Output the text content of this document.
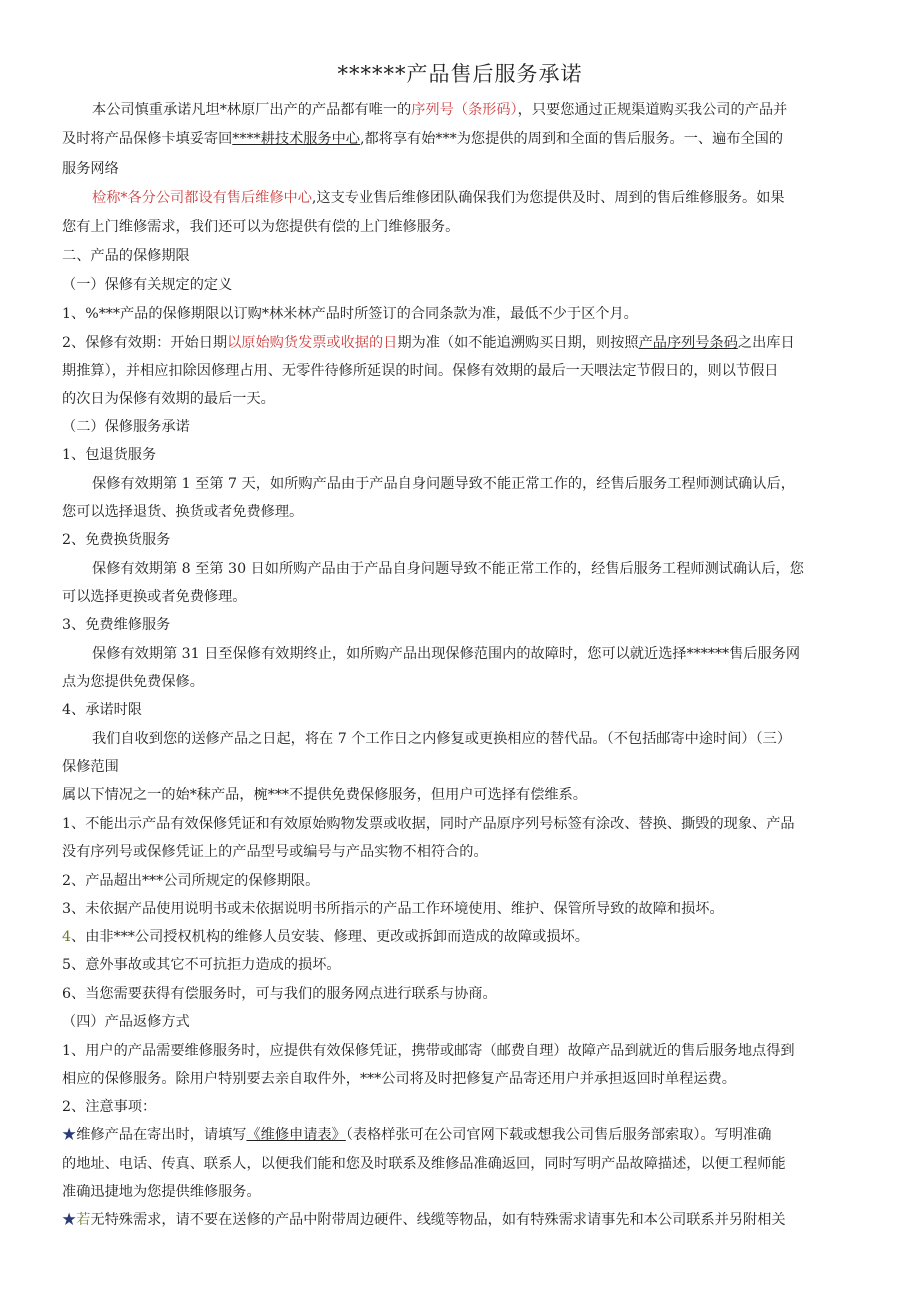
******产品售后服务承诺
本公司慎重承诺凡坦*林原厂出产的产品都有唯一的序列号（条形码），只要您通过正规渠道购买我公司的产品并
及时将产品保修卡填妥寄回****耕技术服务中心,都将享有始***为您提供的周到和全面的售后服务。一、遍布全国的
服务网络
检称*各分公司都设有售后维修中心,这支专业售后维修团队确保我们为您提供及时、周到的售后维修服务。如果
您有上门维修需求，我们还可以为您提供有偿的上门维修服务。
二、产品的保修期限
（一）保修有关规定的定义
1、%***产品的保修期限以订购*林米林产品时所签订的合同条款为准，最低不少于区个月。
2、保修有效期：开始日期以原始购货发票或收据的日期为准（如不能追溯购买日期，则按照产品序列号条码之出库日
期推算），并相应扣除因修理占用、无零件待修所延误的时间。保修有效期的最后一天喂法定节假日的，则以节假日
的次日为保修有效期的最后一天。
（二）保修服务承诺
1、包退货服务
保修有效期第 1 至第 7 天，如所购产品由于产品自身问题导致不能正常工作的，经售后服务工程师测试确认后，
您可以选择退货、换货或者免费修理。
2、免费换货服务
保修有效期第 8 至第 30 日如所购产品由于产品自身问题导致不能正常工作的，经售后服务工程师测试确认后，您
可以选择更换或者免费修理。
3、免费维修服务
保修有效期第 31 日至保修有效期终止，如所购产品出现保修范围内的故障时，您可以就近选择******售后服务网
点为您提供免费保修。
4、承诺时限
我们自收到您的送修产品之日起，将在 7 个工作日之内修复或更换相应的替代品。（不包括邮寄中途时间）（三）
保修范围
属以下情况之一的始*秣产品，椀***不提供免费保修服务，但用户可选择有偿维系。
1、不能出示产品有效保修凭证和有效原始购物发票或收据，同时产品原序列号标签有涂改、替换、撕毁的现象、产品
没有序列号或保修凭证上的产品型号或编号与产品实物不相符合的。
2、产品超出***公司所规定的保修期限。
3、未依据产品使用说明书或未依据说明书所指示的产品工作环境使用、维护、保管所导致的故障和损坏。
4、由非***公司授权机构的维修人员安装、修理、更改或拆卸而造成的故障或损坏。
5、意外事故或其它不可抗拒力造成的损坏。
6、当您需要获得有偿服务时，可与我们的服务网点进行联系与协商。
（四）产品返修方式
1、用户的产品需要维修服务时，应提供有效保修凭证，携带或邮寄（邮费自理）故障产品到就近的售后服务地点得到
相应的保修服务。除用户特别要去亲自取件外，***公司将及时把修复产品寄还用户并承担返回时单程运费。
2、注意事项：
★维修产品在寄出时，请填写《维修申请表》（表格样张可在公司官网下载或想我公司售后服务部索取）。写明准确
的地址、电话、传真、联系人，以便我们能和您及时联系及维修品准确返回，同时写明产品故障描述，以便工程师能
准确迅捷地为您提供维修服务。
★若无特殊需求，请不要在送修的产品中附带周边硬件、线缆等物品，如有特殊需求请事先和本公司联系并另附相关
